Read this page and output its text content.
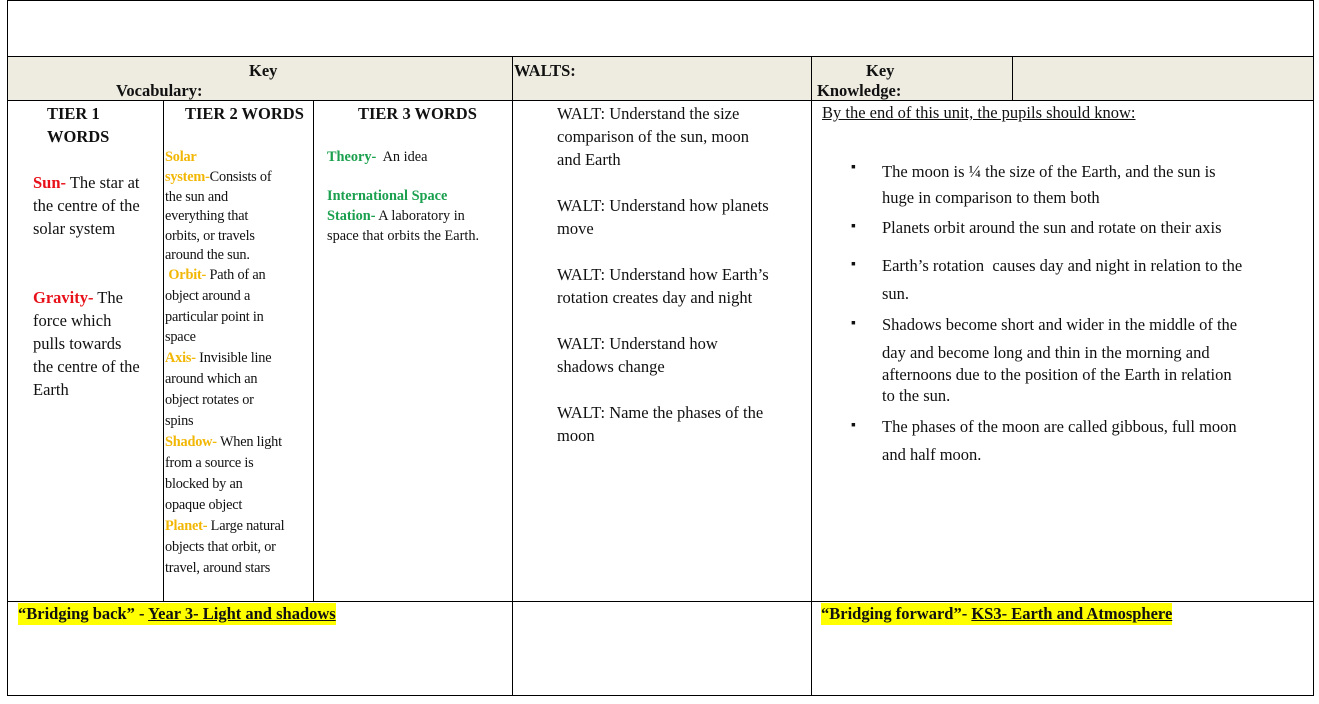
Key
Vocabulary:
WALTS:	Key
Knowledge:
TIER 1
WORDS
Sun- The star at
the centre of the
solar system
Gravity- The
force which
pulls towards
the centre of the
Earth
TIER 2 WORDS
Solar
system-Consists of
the sun and
everything that
orbits, or travels
around the sun.
Orbit- Path of an
object around a
particular point in
space
Axis- Invisible line
around which an
object rotates or
spins
Shadow- When light
from a source is
blocked by an
opaque object
Planet- Large natural
objects that orbit, or
travel, around stars
TIER 3 WORDS
Theory-  An idea
International Space
Station- A laboratory in
space that orbits the Earth.
WALT: Understand the size
comparison of the sun, moon
and Earth
WALT: Understand how planets
move
WALT: Understand how Earth’s
rotation creates day and night
WALT: Understand how
shadows change
WALT: Name the phases of the
moon
By the end of this unit, the pupils should know:
▪ The moon is ¼ the size of the Earth, and the sun is
huge in comparison to them both
▪ Planets orbit around the sun and rotate on their axis
▪ Earth’s rotation  causes day and night in relation to the
sun.
▪ Shadows become short and wider in the middle of the
day and become long and thin in the morning and
afternoons due to the position of the Earth in relation
to the sun.
▪ The phases of the moon are called gibbous, full moon
and half moon.
“Bridging back” - Year 3- Light and shadows	“Bridging forward”- KS3- Earth and Atmosphere
